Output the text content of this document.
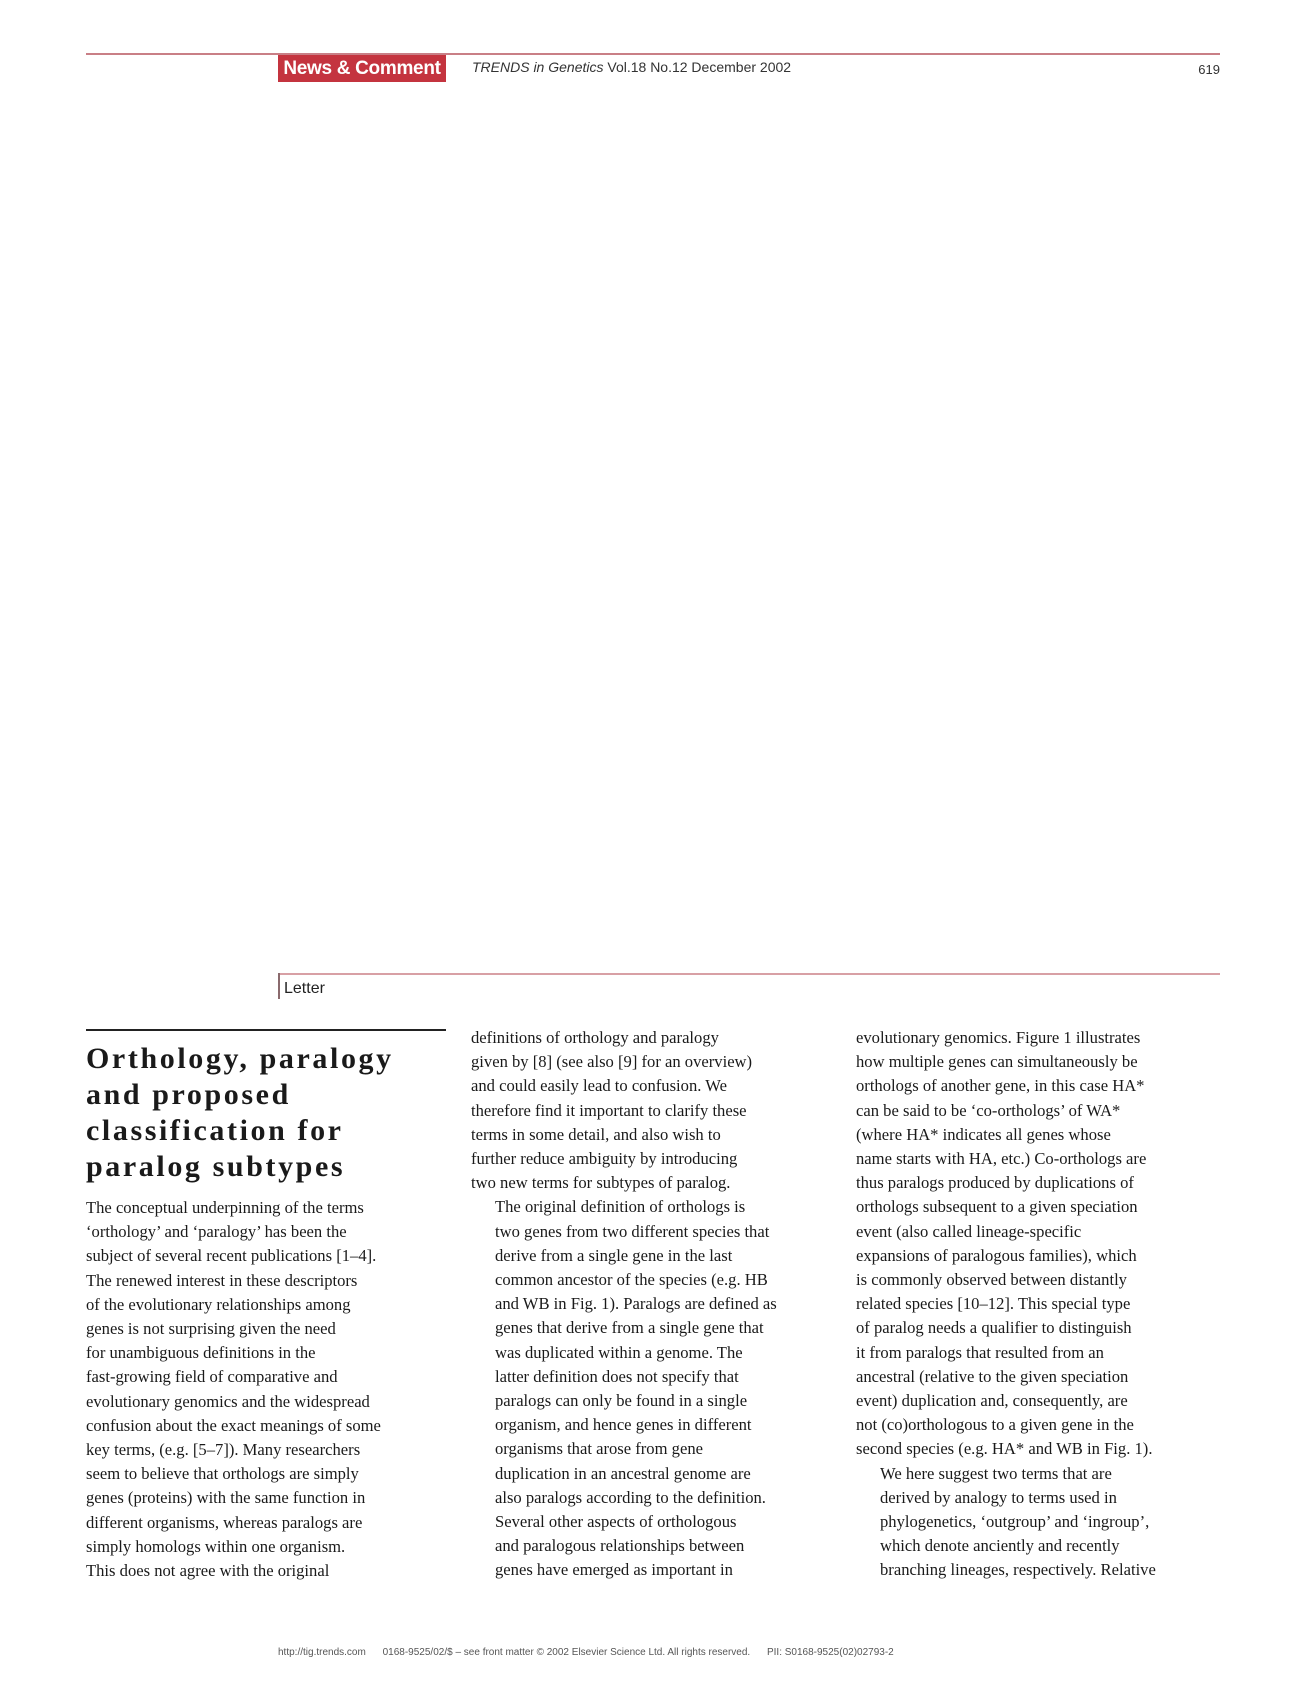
News & Comment	TRENDS in Genetics Vol.18 No.12 December 2002	619
Letter
Orthology, paralogy and proposed classification for paralog subtypes

The conceptual underpinning of the terms
‘orthology’ and ‘paralogy’ has been the
subject of several recent publications [1–4].
The renewed interest in these descriptors
of the evolutionary relationships among
genes is not surprising given the need
for unambiguous definitions in the
fast-growing field of comparative and
evolutionary genomics and the widespread
confusion about the exact meanings of some
key terms, (e.g. [5–7]). Many researchers
seem to believe that orthologs are simply
genes (proteins) with the same function in
different organisms, whereas paralogs are
simply homologs within one organism.
This does not agree with the original

definitions of orthology and paralogy
given by [8] (see also [9] for an overview)
and could easily lead to confusion. We
therefore find it important to clarify these
terms in some detail, and also wish to
further reduce ambiguity by introducing
two new terms for subtypes of paralog.

The original definition of orthologs is
two genes from two different species that
derive from a single gene in the last
common ancestor of the species (e.g. HB
and WB in Fig. 1). Paralogs are defined as
genes that derive from a single gene that
was duplicated within a genome. The
latter definition does not specify that
paralogs can only be found in a single
organism, and hence genes in different
organisms that arose from gene
duplication in an ancestral genome are
also paralogs according to the definition.

Several other aspects of orthologous
and paralogous relationships between
genes have emerged as important in

evolutionary genomics. Figure 1 illustrates
how multiple genes can simultaneously be
orthologs of another gene, in this case HA*
can be said to be ‘co-orthologs’ of WA*
(where HA* indicates all genes whose
name starts with HA, etc.) Co-orthologs are
thus paralogs produced by duplications of
orthologs subsequent to a given speciation
event (also called lineage-specific
expansions of paralogous families), which
is commonly observed between distantly
related species [10–12]. This special type
of paralog needs a qualifier to distinguish
it from paralogs that resulted from an
ancestral (relative to the given speciation
event) duplication and, consequently, are
not (co)orthologous to a given gene in the
second species (e.g. HA* and WB in Fig. 1).

We here suggest two terms that are
derived by analogy to terms used in
phylogenetics, ‘outgroup’ and ‘ingroup’,
which denote anciently and recently
branching lineages, respectively. Relative

http://tig.trends.com 0168-9525/02/$ – see front matter © 2002 Elsevier Science Ltd. All rights reserved. PII: S0168-9525(02)02793-2
